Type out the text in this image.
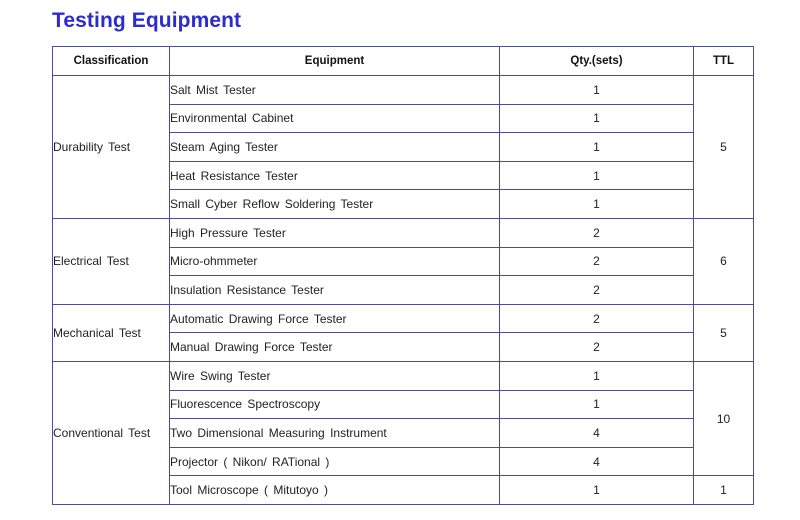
Testing Equipment
Classification	Equipment	Qty.(sets)	TTL
Durability Test	Salt Mist Tester	1	5
	Environmental Cabinet	1	
	Steam Aging Tester	1	
	Heat Resistance Tester	1	
	Small Cyber Reflow Soldering Tester	1	
Electrical Test	High Pressure Tester	2	6
	Micro-ohmmeter	2	
	Insulation Resistance Tester	2	
Mechanical Test	Automatic Drawing Force Tester	2	5
	Manual Drawing Force Tester	2	
Conventional Test	Wire Swing Tester	1	10
	Fluorescence Spectroscopy	1	
	Two Dimensional Measuring Instrument	4	
	Projector ( Nikon/ RATional )	4	
	Tool Microscope ( Mitutoyo )	1	1
